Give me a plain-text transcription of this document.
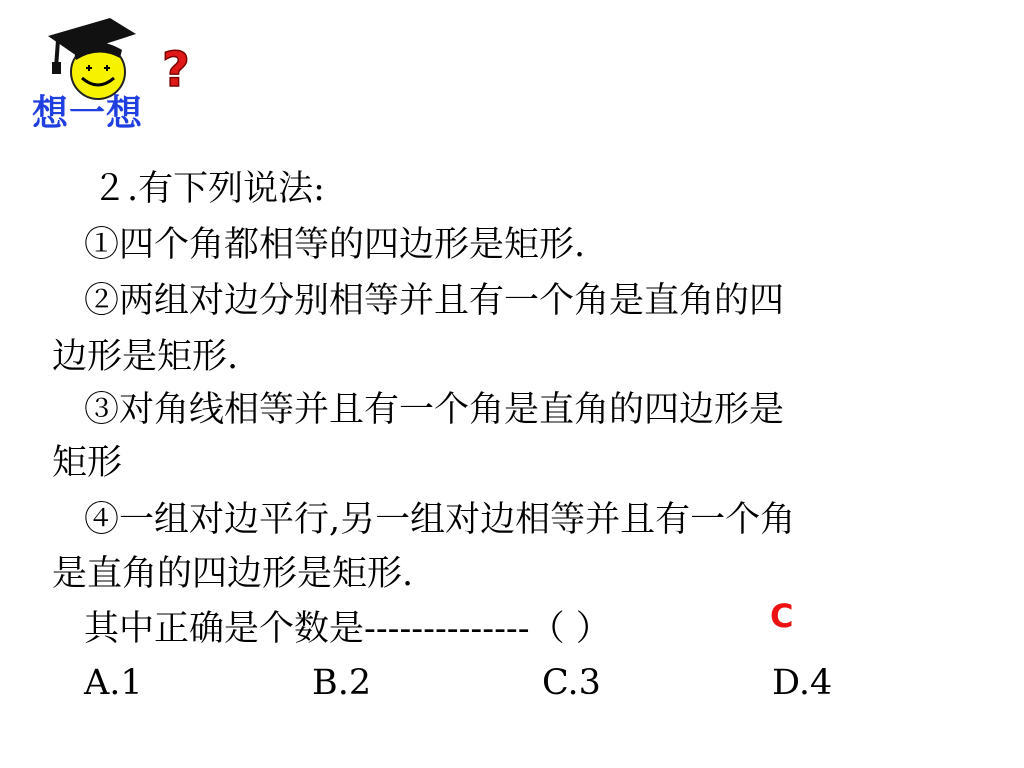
?
想一想
２.有下列说法:
①四个角都相等的四边形是矩形.
②两组对边分别相等并且有一个角是直角的四
边形是矩形.
③对角线相等并且有一个角是直角的四边形是
矩形
④一组对边平行,另一组对边相等并且有一个角
是直角的四边形是矩形.
其中正确是个数是--------------（ ）	C
A.1	B.2	C.3	D.4
